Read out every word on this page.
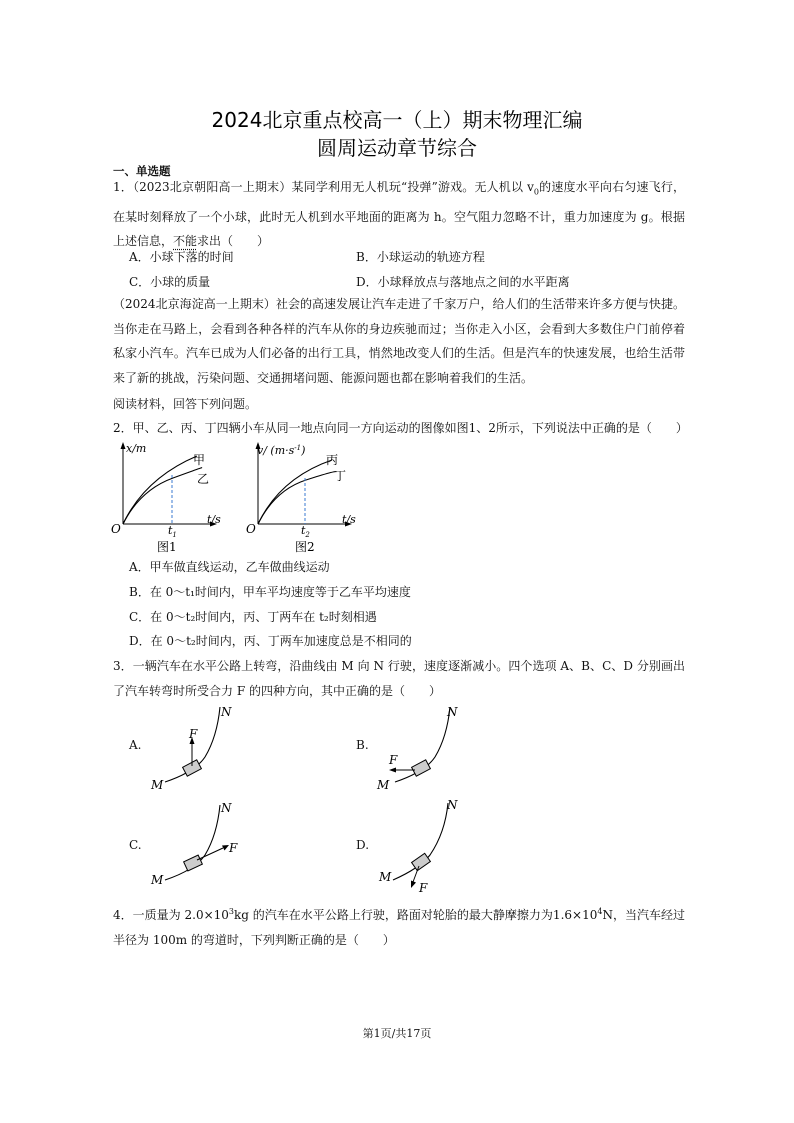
2024北京重点校高一（上）期末物理汇编
圆周运动章节综合
一、单选题
1．（2023北京朝阳高一上期末）某同学利用无人机玩“投弹”游戏。无人机以 $v_0$的速度水平向右匀速飞行，在某时刻释放了一个小球，此时无人机到水平地面的距离为 h。空气阻力忽略不计，重力加速度为 g。根据上述信息，不能求出（　　）
A．小球下落的时间	B．小球运动的轨迹方程
C．小球的质量	D．小球释放点与落地点之间的水平距离
（2024北京海淀高一上期末）社会的高速发展让汽车走进了千家万户，给人们的生活带来许多方便与快捷。当你走在马路上，会看到各种各样的汽车从你的身边疾驰而过；当你走入小区，会看到大多数住户门前停着私家小汽车。汽车已成为人们必备的出行工具，悄然地改变人们的生活。但是汽车的快速发展，也给生活带来了新的挑战，污染问题、交通拥堵问题、能源问题也都在影响着我们的生活。
阅读材料，回答下列问题。
2．甲、乙、丙、丁四辆小车从同一地点向同一方向运动的图像如图1、2所示，下列说法中正确的是（　　）
x/m
t/s
O	$t_1$
甲
乙
图1
v/ $(m\cdot s^{-1})$
t/s
O	$t_2$
丙
丁
图2
A．甲车做直线运动，乙车做曲线运动
B．在 0～t₁时间内，甲车平均速度等于乙车平均速度
C．在 0～t₂时间内，丙、丁两车在 t₂时刻相遇
D．在 0～t₂时间内，丙、丁两车加速度总是不相同的
3．一辆汽车在水平公路上转弯，沿曲线由 M 向 N 行驶，速度逐渐减小。四个选项 A、B、C、D 分别画出了汽车转弯时所受合力 F 的四种方向，其中正确的是（　　）
A.
F
M
N
B.
F
M
N
C.	F
M
N
D.
F
M
N
4．一质量为 $2.0\times 10^3kg$ 的汽车在水平公路上行驶，路面对轮胎的最大静摩擦力为$1.6\times 10^4N$，当汽车经过半径为 100m 的弯道时，下列判断正确的是（　　）
第1页/共17页
